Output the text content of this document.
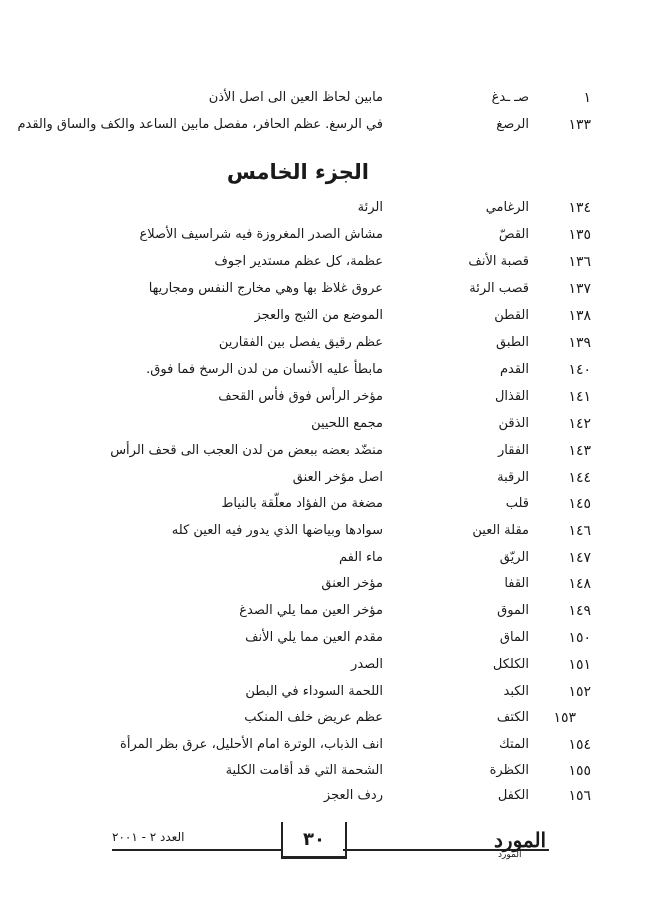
١
صـ ـدغ
مابين لحاظ العين الى اصل الأذن
١٣٣
الرصغ
في الرسغ. عظم الحافر، مفصل مابين الساعد والكف والساق والقدم
الجزء الخامس
١٣٤
الرغامي
الرئة
١٣٥
القصّ
مشاش الصدر المغروزة فيه شراسيف الأصلاع
١٣٦
قصبة الأنف
عظمة، كل عظم مستدير اجوف
١٣٧
قصب الرئة
عروق غلاظ بها وهي مخارج النفس ومجاريها
١٣٨
القطن
الموضع من الثبج والعجز
١٣٩
الطبق
عظم رقيق يفصل بين الفقارين
١٤٠
القدم
مابطأ عليه الأنسان من لدن الرسخ فما فوق.
١٤١
القذال
مؤخر الرأس فوق فأس القحف
١٤٢
الذقن
مجمع اللحيين
١٤٣
الفقار
منضّد بعضه ببعض من لدن العجب الى قحف الرأس
١٤٤
الرقبة
اصل مؤخر العنق
١٤٥
قلب
مضغة من الفؤاد معلّقة بالنياط
١٤٦
مقلة العين
سوادها وبياضها الذي يدور فيه العين كله
١٤٧
الريّق
ماء الفم
١٤٨
القفا
مؤخر العنق
١٤٩
الموق
مؤخر العين مما يلي الصدغ
١٥٠
الماق
مقدم العين مما يلي الأنف
١٥١
الكلكل
الصدر
١٥٢
الكبد
اللحمة السوداء في البطن
١٥٣
الكتف
عظم عريض خلف المنكب
١٥٤
المتك
انف الذباب، الوترة امام الأحليل، عرق بظر المرأة
١٥٥
الكظرة
الشحمة التي قد أقامت الكلية
١٥٦
الكفل
ردف العجز
العدد ٢ - ٢٠٠١	٣٠	المورد
المورد
